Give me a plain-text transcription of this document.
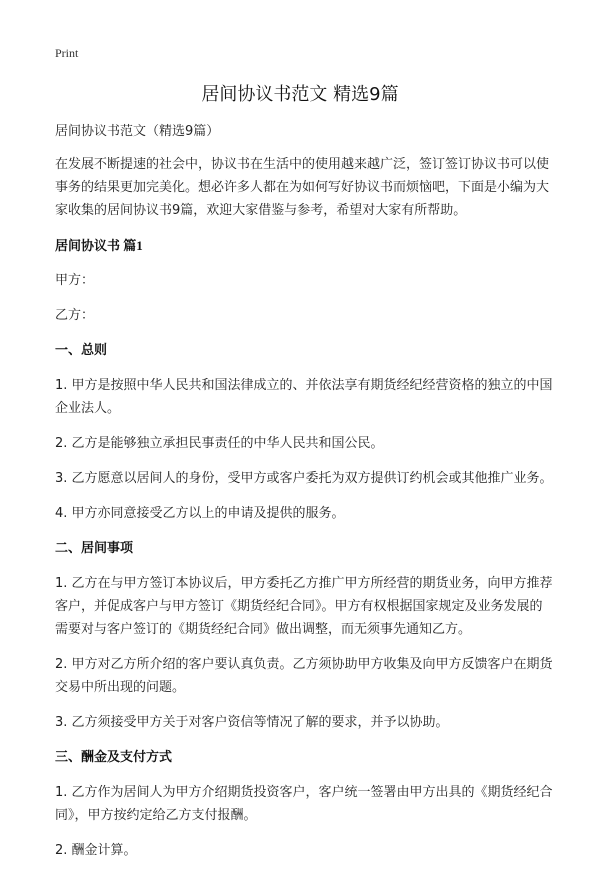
Print
居间协议书范文 精选9篇
居间协议书范文（精选9篇）
在发展不断提速的社会中，协议书在生活中的使用越来越广泛，签订签订协议书可以使事务的结果更加完美化。想必许多人都在为如何写好协议书而烦恼吧，下面是小编为大家收集的居间协议书9篇，欢迎大家借鉴与参考，希望对大家有所帮助。
居间协议书 篇1
甲方：
乙方：
一、总则
1. 甲方是按照中华人民共和国法律成立的、并依法享有期货经纪经营资格的独立的中国企业法人。
2. 乙方是能够独立承担民事责任的中华人民共和国公民。
3. 乙方愿意以居间人的身份，受甲方或客户委托为双方提供订约机会或其他推广业务。
4. 甲方亦同意接受乙方以上的申请及提供的服务。
二、居间事项
1. 乙方在与甲方签订本协议后，甲方委托乙方推广甲方所经营的期货业务，向甲方推荐客户，并促成客户与甲方签订《期货经纪合同》。甲方有权根据国家规定及业务发展的需要对与客户签订的《期货经纪合同》做出调整，而无须事先通知乙方。
2. 甲方对乙方所介绍的客户要认真负责。乙方须协助甲方收集及向甲方反馈客户在期货交易中所出现的问题。
3. 乙方须接受甲方关于对客户资信等情况了解的要求，并予以协助。
三、酬金及支付方式
1. 乙方作为居间人为甲方介绍期货投资客户，客户统一签署由甲方出具的《期货经纪合同》，甲方按约定给乙方支付报酬。
2. 酬金计算。
